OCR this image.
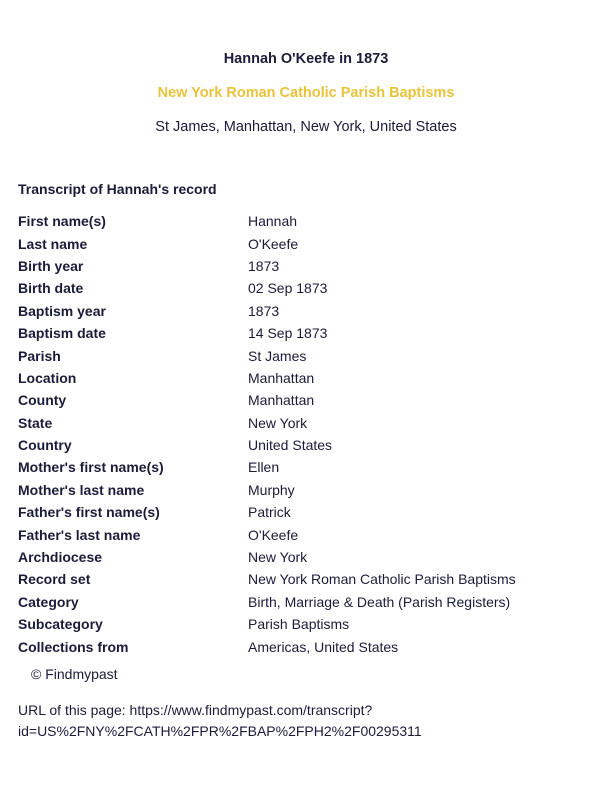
Hannah O'Keefe in 1873
New York Roman Catholic Parish Baptisms
St James, Manhattan, New York, United States
Transcript of Hannah's record
First name(s)	Hannah
Last name	O'Keefe
Birth year	1873
Birth date	02 Sep 1873
Baptism year	1873
Baptism date	14 Sep 1873
Parish	St James
Location	Manhattan
County	Manhattan
State	New York
Country	United States
Mother's first name(s)	Ellen
Mother's last name	Murphy
Father's first name(s)	Patrick
Father's last name	O'Keefe
Archdiocese	New York
Record set	New York Roman Catholic Parish Baptisms
Category	Birth, Marriage & Death (Parish Registers)
Subcategory	Parish Baptisms
Collections from	Americas, United States
© Findmypast
URL of this page: https://www.findmypast.com/transcript?
id=US%2FNY%2FCATH%2FPR%2FBAP%2FPH2%2F00295311
